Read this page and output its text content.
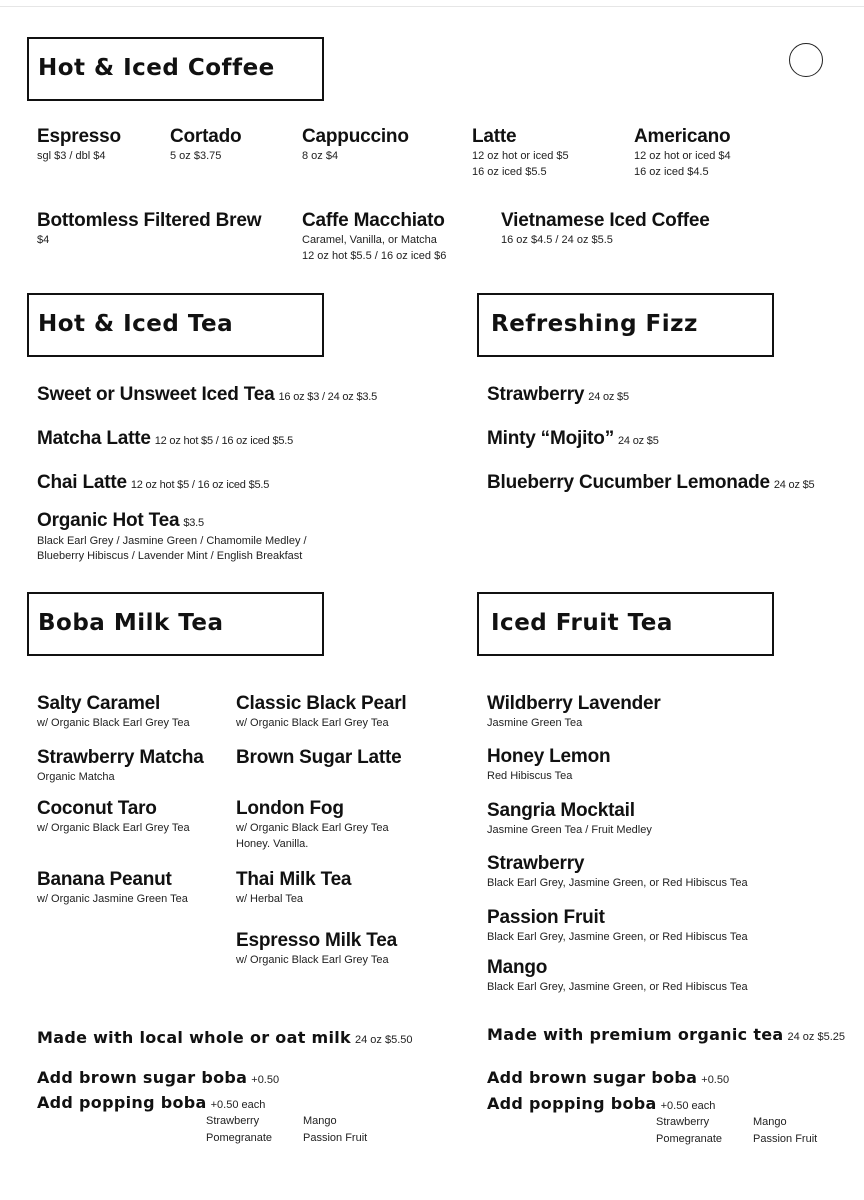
Hot & Iced Coffee
Espresso
sgl $3 / dbl $4
Cortado
5 oz $3.75
Cappuccino
8 oz $4
Latte
12 oz hot or iced $5
16 oz iced $5.5
Americano
12 oz hot or iced $4
16 oz iced $4.5
Bottomless Filtered Brew
$4
Caffe Macchiato
Caramel, Vanilla, or Matcha
12 oz hot $5.5 / 16 oz iced $6
Vietnamese Iced Coffee
16 oz $4.5 / 24 oz $5.5
Hot & Iced Tea
Sweet or Unsweet Iced Tea 16 oz $3 / 24 oz $3.5
Matcha Latte 12 oz hot $5 / 16 oz iced $5.5
Chai Latte 12 oz hot $5 / 16 oz iced $5.5
Organic Hot Tea $3.5
Black Earl Grey / Jasmine Green / Chamomile Medley /
Blueberry Hibiscus / Lavender Mint / English Breakfast
Refreshing Fizz
Strawberry 24 oz $5
Minty “Mojito” 24 oz $5
Blueberry Cucumber Lemonade 24 oz $5
Boba Milk Tea
Salty Caramel
w/ Organic Black Earl Grey Tea
Classic Black Pearl
w/ Organic Black Earl Grey Tea
Strawberry Matcha
Organic Matcha
Brown Sugar Latte
Coconut Taro
w/ Organic Black Earl Grey Tea
London Fog
w/ Organic Black Earl Grey Tea
Honey. Vanilla.
Banana Peanut
w/ Organic Jasmine Green Tea
Thai Milk Tea
w/ Herbal Tea
Espresso Milk Tea
w/ Organic Black Earl Grey Tea
Made with local whole or oat milk 24 oz $5.50
Add brown sugar boba +0.50
Add popping boba +0.50 each
Strawberry	Mango
Pomegranate	Passion Fruit
Iced Fruit Tea
Wildberry Lavender
Jasmine Green Tea
Honey Lemon
Red Hibiscus Tea
Sangria Mocktail
Jasmine Green Tea / Fruit Medley
Strawberry
Black Earl Grey, Jasmine Green, or Red Hibiscus Tea
Passion Fruit
Black Earl Grey, Jasmine Green, or Red Hibiscus Tea
Mango
Black Earl Grey, Jasmine Green, or Red Hibiscus Tea
Made with premium organic tea 24 oz $5.25
Add brown sugar boba +0.50
Add popping boba +0.50 each
Strawberry	Mango
Pomegranate	Passion Fruit
